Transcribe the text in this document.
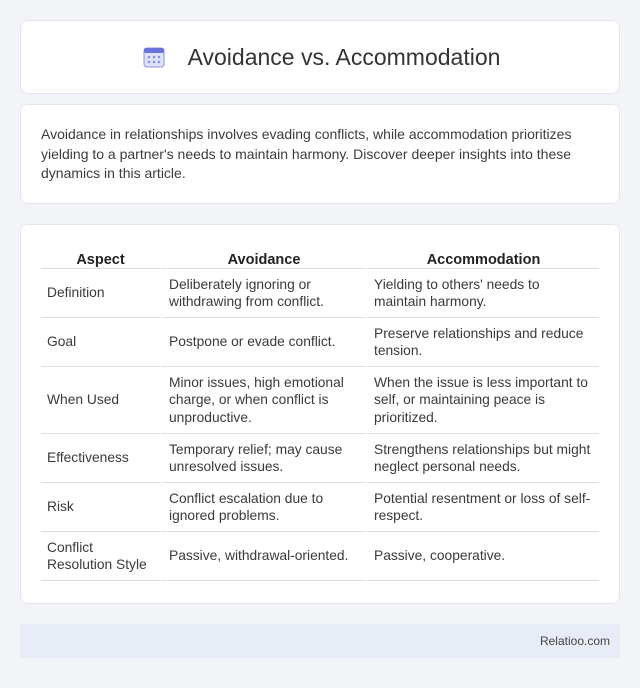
Avoidance vs. Accommodation

Avoidance in relationships involves evading conflicts, while accommodation prioritizes yielding to a partner's needs to maintain harmony. Discover deeper insights into these dynamics in this article.

Aspect	Avoidance	Accommodation
Definition	Deliberately ignoring or withdrawing from conflict.	Yielding to others' needs to maintain harmony.
Goal	Postpone or evade conflict.	Preserve relationships and reduce tension.
When Used	Minor issues, high emotional charge, or when conflict is unproductive.	When the issue is less important to self, or maintaining peace is prioritized.
Effectiveness	Temporary relief; may cause unresolved issues.	Strengthens relationships but might neglect personal needs.
Risk	Conflict escalation due to ignored problems.	Potential resentment or loss of self-respect.
Conflict Resolution Style	Passive, withdrawal-oriented.	Passive, cooperative.
Relatioo.com
